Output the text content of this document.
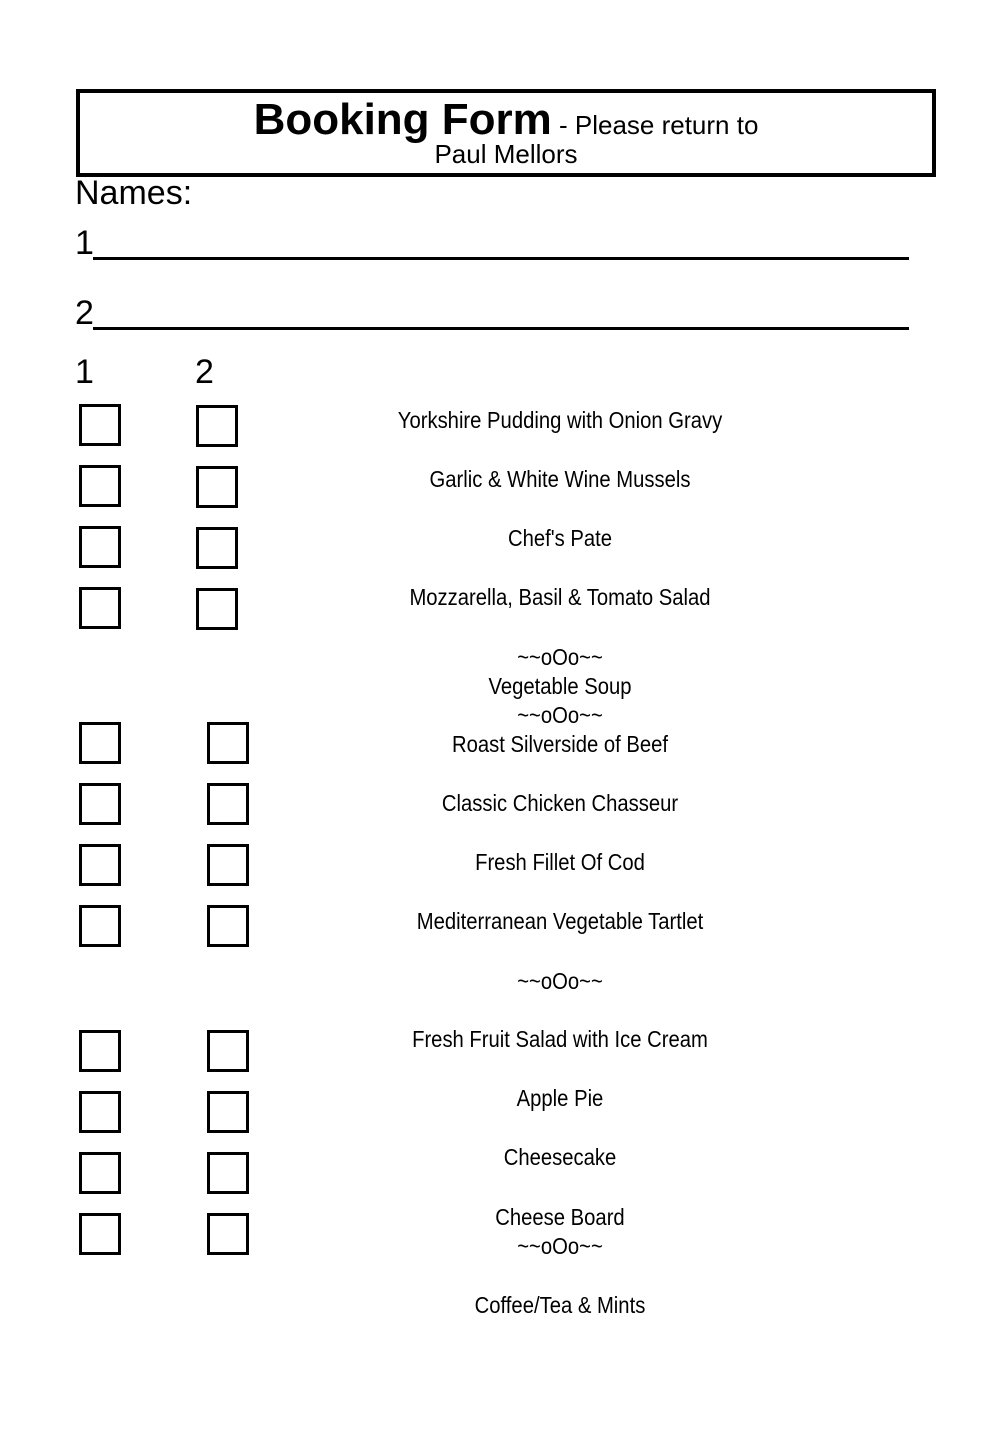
Booking Form - Please return to
Paul Mellors
Names:
1
2
1	2
Yorkshire Pudding with Onion Gravy
Garlic & White Wine Mussels
Chef's Pate
Mozzarella, Basil & Tomato Salad
~~oOo~~
Vegetable Soup
~~oOo~~
Roast Silverside of Beef
Classic Chicken Chasseur
Fresh Fillet Of Cod
Mediterranean Vegetable Tartlet
~~oOo~~
Fresh Fruit Salad with Ice Cream
Apple Pie
Cheesecake
Cheese Board
~~oOo~~
Coffee/Tea & Mints
